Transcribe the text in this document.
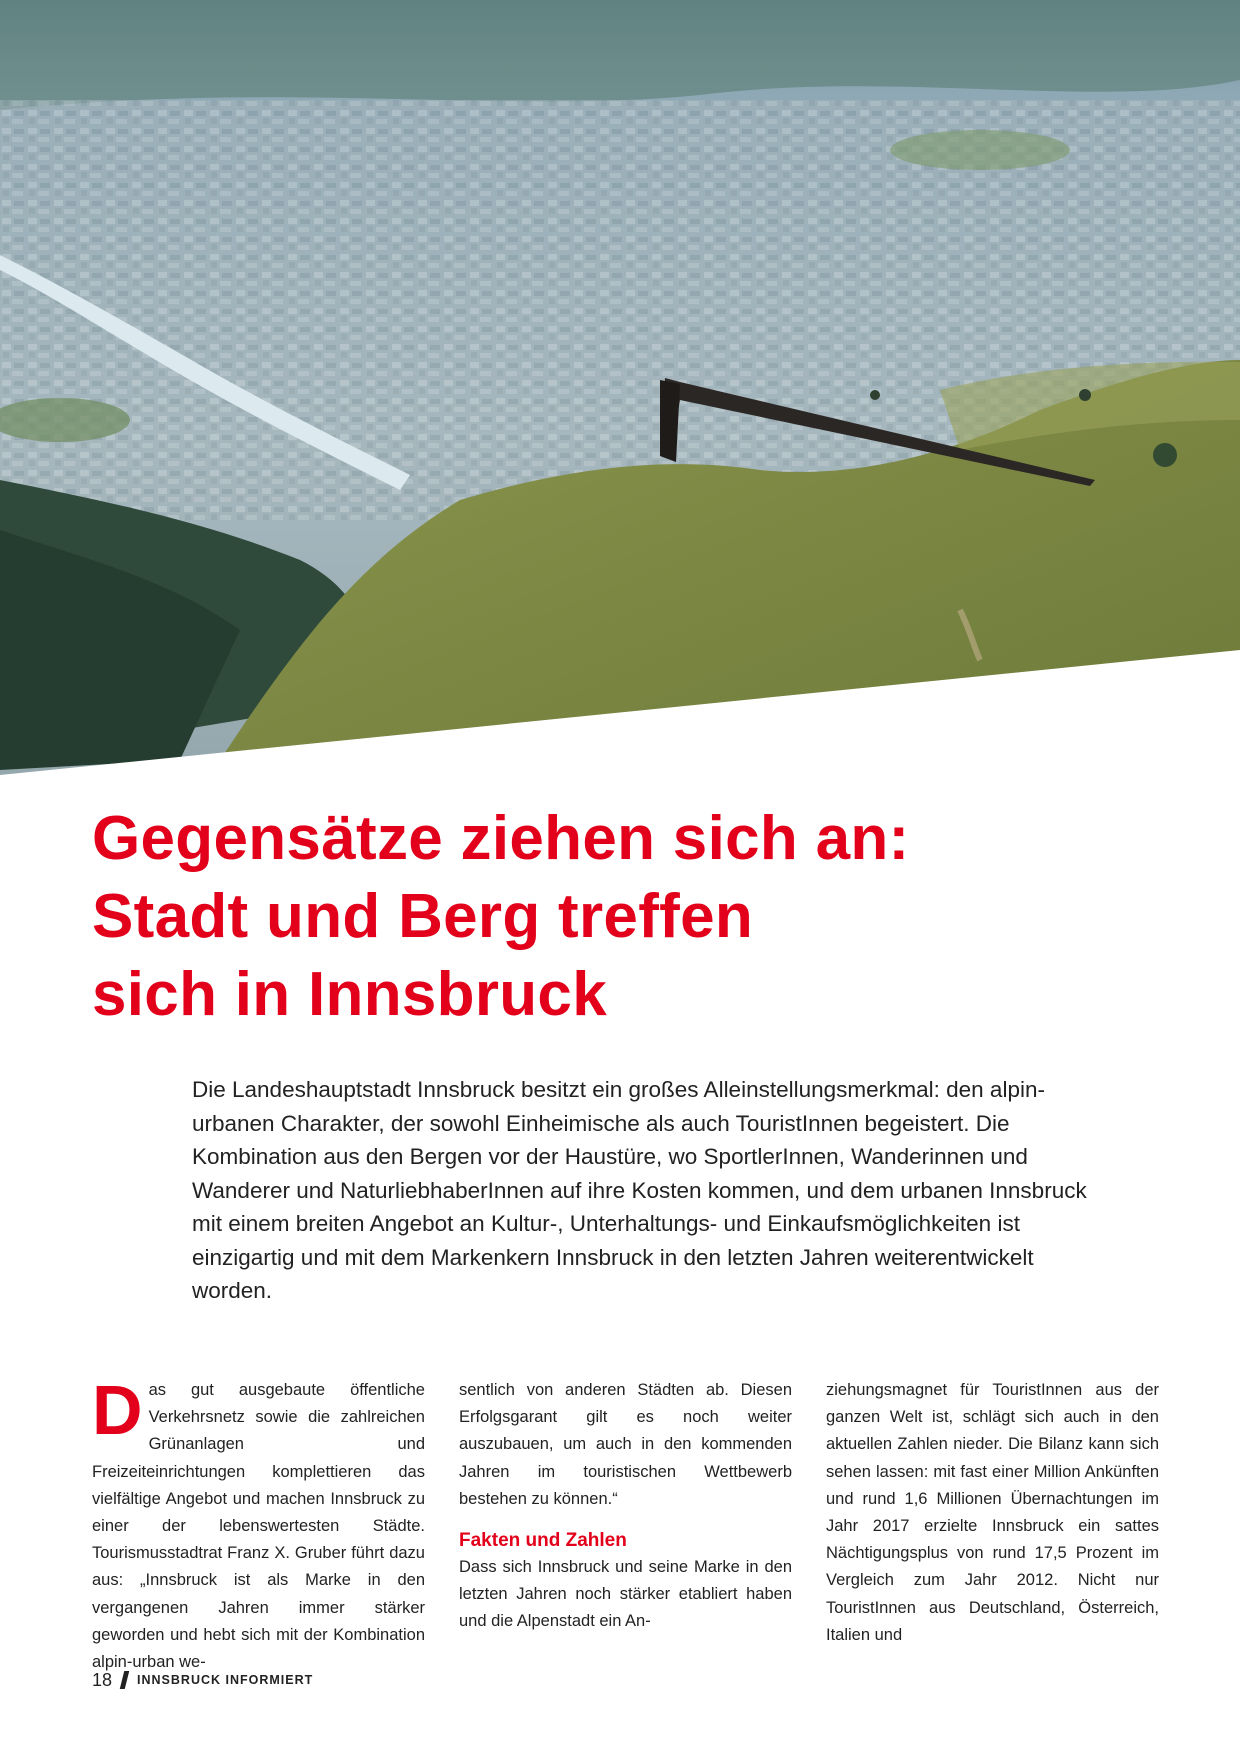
Gegensätze ziehen sich an:
Stadt und Berg treffen
sich in Innsbruck

Die Landeshauptstadt Innsbruck besitzt ein großes Alleinstellungsmerkmal: den alpin-urbanen Charakter, der sowohl Einheimische als auch TouristInnen begeistert. Die Kombination aus den Bergen vor der Haustüre, wo SportlerInnen, Wanderinnen und Wanderer und NaturliebhaberInnen auf ihre Kosten kommen, und dem urbanen Innsbruck mit einem breiten Angebot an Kultur-, Unterhaltungs- und Einkaufsmöglichkeiten ist einzigartig und mit dem Markenkern Innsbruck in den letzten Jahren weiterentwickelt worden.

D as gut ausgebaute öffentliche Verkehrsnetz sowie die zahlreichen Grünanlagen und Freizeiteinrichtungen komplettieren das vielfältige Angebot und machen Innsbruck zu einer der lebenswertesten Städte. Tourismusstadtrat Franz X. Gruber führt dazu aus: „Innsbruck ist als Marke in den vergangenen Jahren immer stärker geworden und hebt sich mit der Kombination alpin-urban we-

sentlich von anderen Städten ab. Diesen Erfolgsgarant gilt es noch weiter auszubauen, um auch in den kommenden Jahren im touristischen Wettbewerb bestehen zu können.“

Fakten und Zahlen

Dass sich Innsbruck und seine Marke in den letzten Jahren noch stärker etabliert haben und die Alpenstadt ein An-

ziehungsmagnet für TouristInnen aus der ganzen Welt ist, schlägt sich auch in den aktuellen Zahlen nieder. Die Bilanz kann sich sehen lassen: mit fast einer Million Ankünften und rund 1,6 Millionen Übernachtungen im Jahr 2017 erzielte Innsbruck ein sattes Nächtigungsplus von rund 17,5 Prozent im Vergleich zum Jahr 2012. Nicht nur TouristInnen aus Deutschland, Österreich, Italien und

18 INNSBRUCK INFORMIERT
